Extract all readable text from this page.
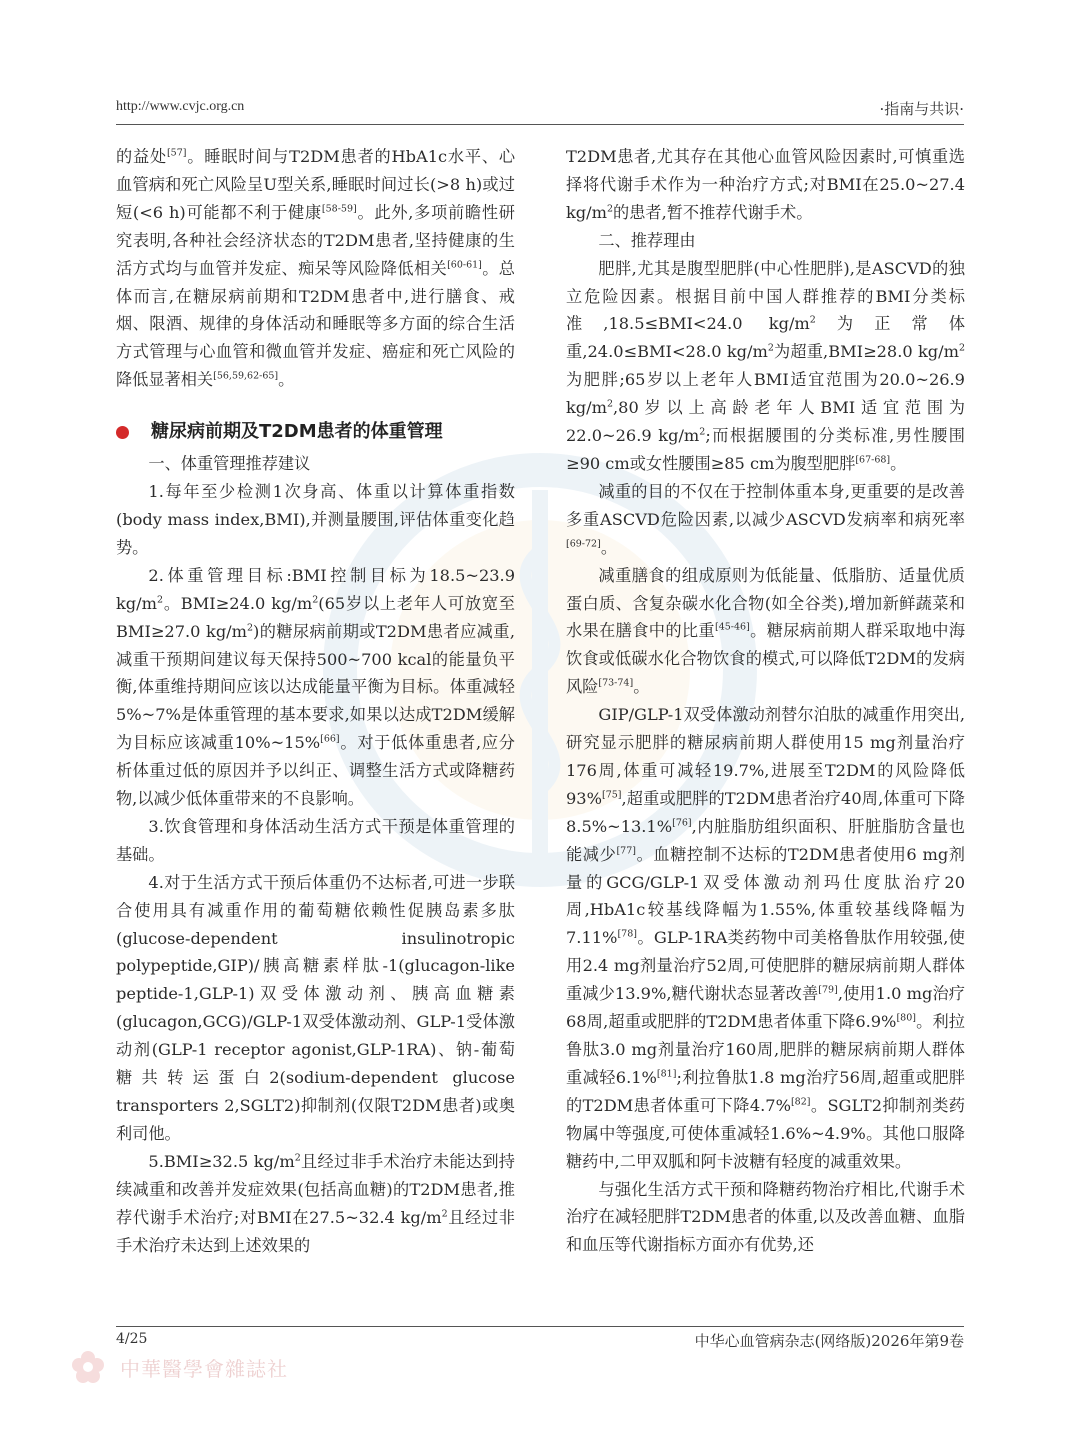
http://www.cvjc.org.cn	·指南与共识·

的益处[57]。睡眠时间与T2DM患者的HbA1c水平、心血管病和死亡风险呈U型关系,睡眠时间过长(>8 h)或过短(<6 h)可能都不利于健康[58-59]。此外,多项前瞻性研究表明,各种社会经济状态的T2DM患者,坚持健康的生活方式均与血管并发症、痴呆等风险降低相关[60-61]。总体而言,在糖尿病前期和T2DM患者中,进行膳食、戒烟、限酒、规律的身体活动和睡眠等多方面的综合生活方式管理与心血管和微血管并发症、癌症和死亡风险的降低显著相关[56,59,62-65]。

糖尿病前期及T2DM患者的体重管理

一、体重管理推荐建议

1.每年至少检测1次身高、体重以计算体重指数(body mass index,BMI),并测量腰围,评估体重变化趋势。

2.体重管理目标:BMI控制目标为18.5~23.9 $kg/m^2$。BMI≥24.0 $kg/m^2(65$岁以上老年人可放宽至BMI≥27.0 $kg/m^2$)的糖尿病前期或T2DM患者应减重,减重干预期间建议每天保持500~700 kcal的能量负平衡,体重维持期间应该以达成能量平衡为目标。体重减轻5%~7%是体重管理的基本要求,如果以达成T2DM缓解为目标应该减重10%~15%[66]。对于低体重患者,应分析体重过低的原因并予以纠正、调整生活方式或降糖药物,以减少低体重带来的不良影响。

3.饮食管理和身体活动生活方式干预是体重管理的基础。

4.对于生活方式干预后体重仍不达标者,可进一步联合使用具有减重作用的葡萄糖依赖性促胰岛素多肽(glucose-dependent insulinotropic polypeptide,GIP)/胰高糖素样肽-1(glucagon-like peptide-1,GLP-1)双受体激动剂、胰高血糖素(glucagon,GCG)/GLP-1双受体激动剂、GLP-1受体激动剂(GLP-1 receptor agonist,GLP-1RA)、钠-葡萄糖共转运蛋白2(sodium-dependent glucose transporters 2,SGLT2)抑制剂(仅限T2DM患者)或奥利司他。

5.BMI≥32.5 $kg/m^2$且经过非手术治疗未能达到持续减重和改善并发症效果(包括高血糖)的T2DM患者,推荐代谢手术治疗;对BMI在27.5~32.4 $kg/m^2$且经过非手术治疗未达到上述效果的

T2DM患者,尤其存在其他心血管风险因素时,可慎重选择将代谢手术作为一种治疗方式;对BMI在25.0~27.4 $kg/m^2$的患者,暂不推荐代谢手术。

二、推荐理由

肥胖,尤其是腹型肥胖(中心性肥胖),是ASCVD的独立危险因素。根据目前中国人群推荐的BMI分类标准,18.5≤BMI<24.0 $kg/m^2$为正常体重,24.0≤BMI<28.0 $kg/m^2$为超重,BMI≥28.0 $kg/m^2$为肥胖;65岁以上老年人BMI适宜范围为20.0~26.9 $kg/m^2,80$岁以上高龄老年人BMI适宜范围为22.0~26.9 $kg/m^2$;而根据腰围的分类标准,男性腰围≥90 cm或女性腰围≥85 cm为腹型肥胖[67-68]。

减重的目的不仅在于控制体重本身,更重要的是改善多重ASCVD危险因素,以减少ASCVD发病率和病死率[69-72]。

减重膳食的组成原则为低能量、低脂肪、适量优质蛋白质、含复杂碳水化合物(如全谷类),增加新鲜蔬菜和水果在膳食中的比重[45-46]。糖尿病前期人群采取地中海饮食或低碳水化合物饮食的模式,可以降低T2DM的发病风险[73-74]。

GIP/GLP-1双受体激动剂替尔泊肽的减重作用突出,研究显示肥胖的糖尿病前期人群使用15 mg剂量治疗176周,体重可减轻19.7%,进展至T2DM的风险降低93%[75],超重或肥胖的T2DM患者治疗40周,体重可下降8.5%~13.1%[76],内脏脂肪组织面积、肝脏脂肪含量也能减少[77]。血糖控制不达标的T2DM患者使用6 mg剂量的GCG/GLP-1双受体激动剂玛仕度肽治疗20周,HbA1c较基线降幅为1.55%,体重较基线降幅为7.11%[78]。GLP-1RA类药物中司美格鲁肽作用较强,使用2.4 mg剂量治疗52周,可使肥胖的糖尿病前期人群体重减少13.9%,糖代谢状态显著改善[79],使用1.0 mg治疗68周,超重或肥胖的T2DM患者体重下降6.9%[80]。利拉鲁肽3.0 mg剂量治疗160周,肥胖的糖尿病前期人群体重减轻6.1%[81];利拉鲁肽1.8 mg治疗56周,超重或肥胖的T2DM患者体重可下降4.7%[82]。SGLT2抑制剂类药物属中等强度,可使体重减轻1.6%~4.9%。其他口服降糖药中,二甲双胍和阿卡波糖有轻度的减重效果。

与强化生活方式干预和降糖药物治疗相比,代谢手术治疗在减轻肥胖T2DM患者的体重,以及改善血糖、血脂和血压等代谢指标方面亦有优势,还

4/25	中华心血管病杂志(网络版)2026年第9卷
中華醫學會雜誌社
